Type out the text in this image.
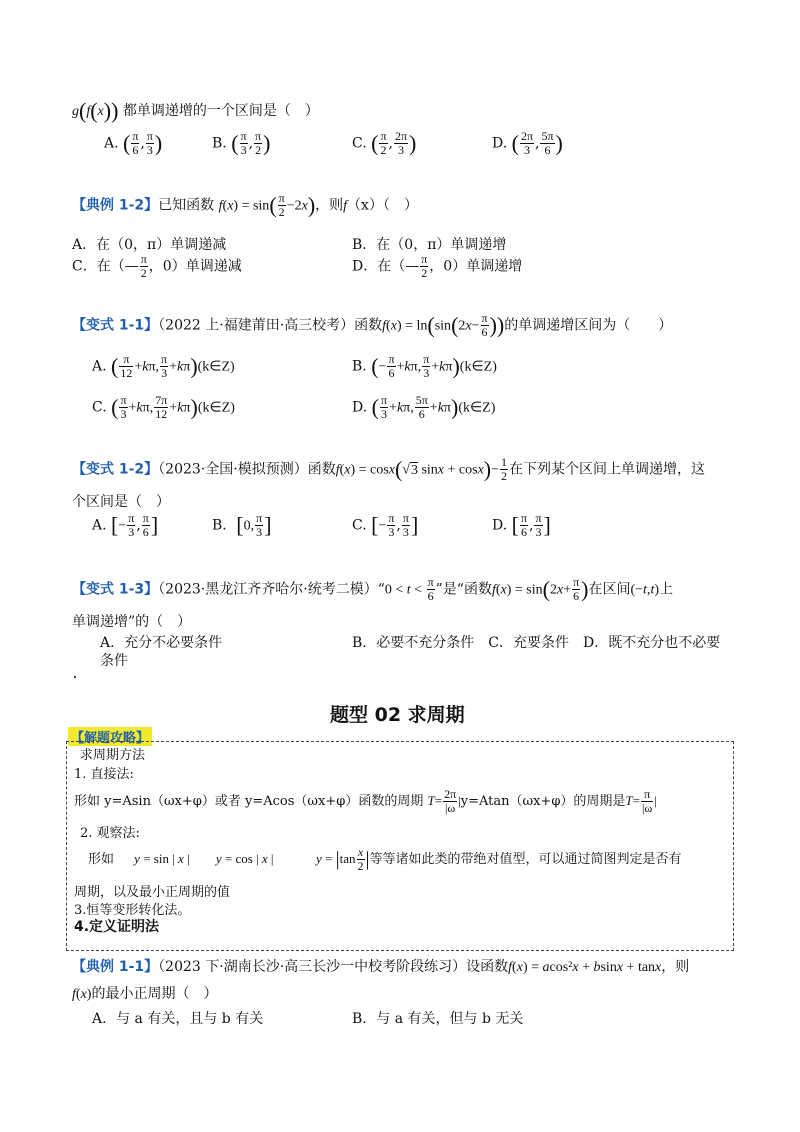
g(f(x)) 都单调递增的一个区间是（　）
A. ( $\frac{\pi}{6}$ , $\frac{\pi}{3}$ )	B. ( $\frac{\pi}{3}$ , $\frac{\pi}{2}$ )	C. ( $\frac{\pi}{2}$ , $\frac{2\pi}{3}$ )	D. ( $\frac{2\pi}{3}$ , $\frac{5\pi}{6}$ )
【典例 1-2】已知函数 $f(x) = \sin( \frac{\pi}{2} -2x)$，则f（x）（　）
A．在（0，π）单调递减	B．在（0，π）单调递增
C．在（— $\frac{\pi}{2}$ ，0）单调递减	D．在（— $\frac{\pi}{2}$ ，0）单调递增
【变式 1-1】（2022 上·福建莆田·高三校考）函数$f(x) = \ln(\sin(2x- \frac{\pi}{6}$ ))的单调递增区间为（　　）
A. ( $\frac{\pi}{12} +k\pi$, $\frac{\pi}{3}$ +kπ)(k∈Z)	B. (− $\frac{\pi}{6} +k\pi$, $\frac{\pi}{3}$ +kπ)(k∈Z)
C. ( $\frac{\pi}{3} +k\pi$, $\frac{7\pi}{12}$ +kπ)(k∈Z)	D. ( $\frac{\pi}{3} +k\pi$, $\frac{5\pi}{6}$ +kπ)(k∈Z)
【变式 1-2】（2023·全国·模拟预测）函数f(x) = cosx(√3 $\sin x + \cos x)- \frac{1}{2}$ 在下列某个区间上单调递增，这
个区间是（　）
A. [− $\frac{\pi}{3}$ , $\frac{\pi}{6}$ ]	B．[0, $\frac{\pi}{3}$ ]	C. [− $\frac{\pi}{3}$ , $\frac{\pi}{3}$ ]	D. [ $\frac{\pi}{6}$ , $\frac{\pi}{3}$ ]
【变式 1-3】（2023·黑龙江齐齐哈尔·统考二模）“0 < $t < \frac{\pi}{6}$ ”是“函数$f(x) = \sin(2x+ \frac{\pi}{6}$ )在区间(−t,t)上
单调递增”的（　）
A．充分不必要条件
条件
B．必要不充分条件　C．充要条件　D．既不充分也不必要
题型 02 求周期
【解题攻略】
求周期方法
1. 直接法:
形如 y=Asin（ωx+φ）或者 y=Acos（ωx+φ）函数的周期 $T= \frac{2\pi}{|\omega} |y=Atan(\omega x+\varphi)$的周期是$T= \frac{\pi}{|\omega}$ |
2. 观察法:
形如 y = sin | x | y = cos | x |	$y = |\tan \frac{x}{2}$ |等等诸如此类的带绝对值型，可以通过简图判定是否有
周期，以及最小正周期的值
3.恒等变形转化法。
4.定义证明法
【典例 1-1】（2023 下·湖南长沙·高三长沙一中校考阶段练习）设函数f(x) = acos²x + bsinx + tanx，则
f(x)的最小正周期（　）
A．与 a 有关，且与 b 有关	B．与 a 有关，但与 b 无关
